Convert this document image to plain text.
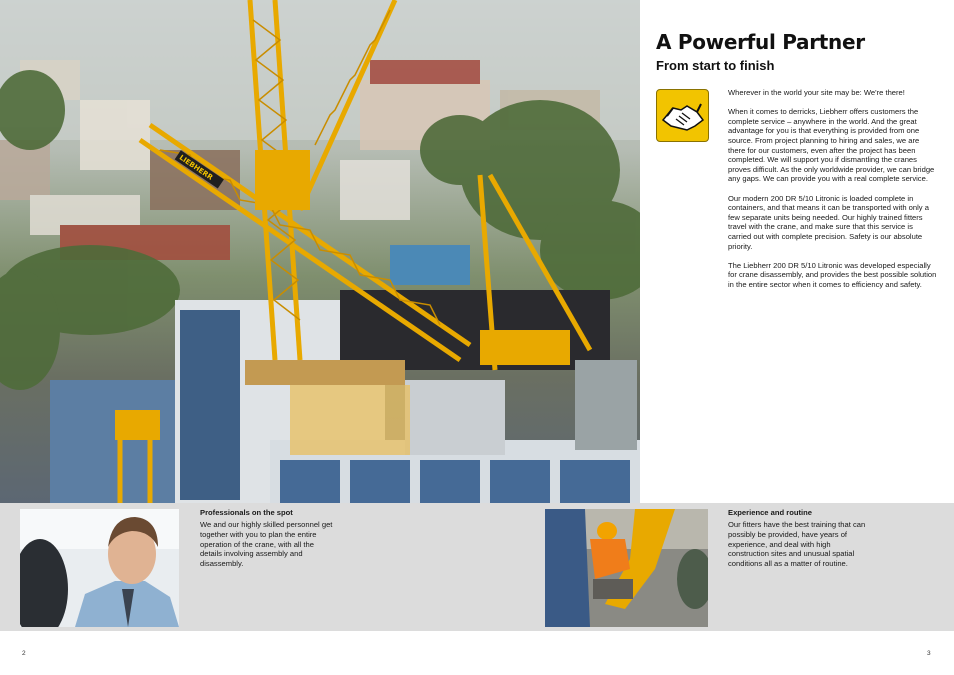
LIEBHERR
A Powerful Partner
From start to finish

Wherever in the world your site may be: We're there!

When it comes to derricks, Liebherr offers customers the complete service – anywhere in the world. And the great advantage for you is that everything is provided from one source. From project planning to hiring and sales, we are there for our customers, even after the project has been completed. We will support you if dismantling the cranes proves difficult. As the only worldwide provider, we can bridge any gaps. We can provide you with a real complete service.

Our modern 200 DR 5/10 Litronic is loaded complete in containers, and that means it can be transported with only a few separate units being needed. Our highly trained fitters travel with the crane, and make sure that this service is carried out with complete precision. Safety is our absolute priority.

The Liebherr 200 DR 5/10 Litronic was developed especially for crane disassembly, and provides the best possible solution in the entire sector when it comes to efficiency and safety.

Professionals on the spot
We and our highly skilled personnel get together with you to plan the entire operation of the crane, with all the details involving assembly and disassembly.
Experience and routine
Our fitters have the best training that can possibly be provided, have years of experience, and deal with high construction sites and unusual spatial conditions all as a matter of routine.
2	3
